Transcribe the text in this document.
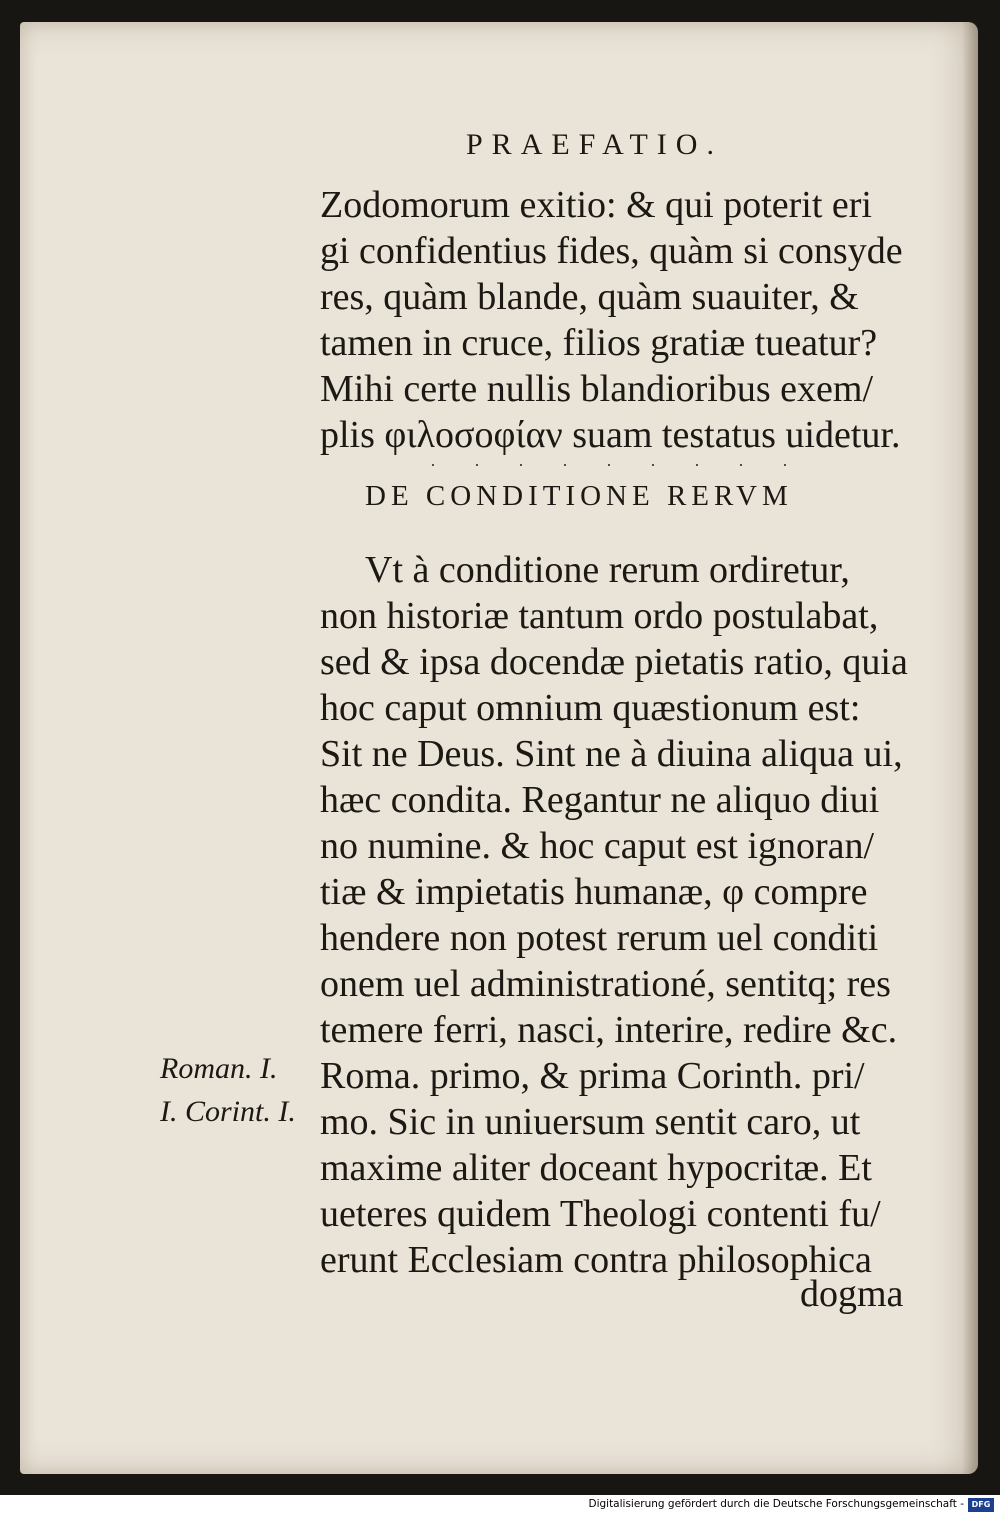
PRAEFATIO.
Zodomorum exitio: & qui poterit eri
gi confidentius fides, quàm si consyde
res, quàm blande, quàm suauiter, &
tamen in cruce, filios gratiæ tueatur?
Mihi certe nullis blandioribus exem/
plis φιλοσοφίαν suam testatus uidetur.
·········
DE CONDITIONE RERVM
Vt à conditione rerum ordiretur,
non historiæ tantum ordo postulabat,
sed & ipsa docendæ pietatis ratio, quia
hoc caput omnium quæstionum est:
Sit ne Deus. Sint ne à diuina aliqua ui,
hæc condita. Regantur ne aliquo diui
no numine. & hoc caput est ignoran/
tiæ & impietatis humanæ, φ compre
hendere non potest rerum uel conditi
onem uel administrationé, sentitq; res
temere ferri, nasci, interire, redire &c.
Roma. primo, & prima Corinth. pri/
mo. Sic in uniuersum sentit caro, ut
maxime aliter doceant hypocritæ. Et
ueteres quidem Theologi contenti fu/
erunt Ecclesiam contra philosophica
dogma
Roman. I.
I. Corint. I.
Digitalisierung gefördert durch die Deutsche Forschungsgemeinschaft - DFG
